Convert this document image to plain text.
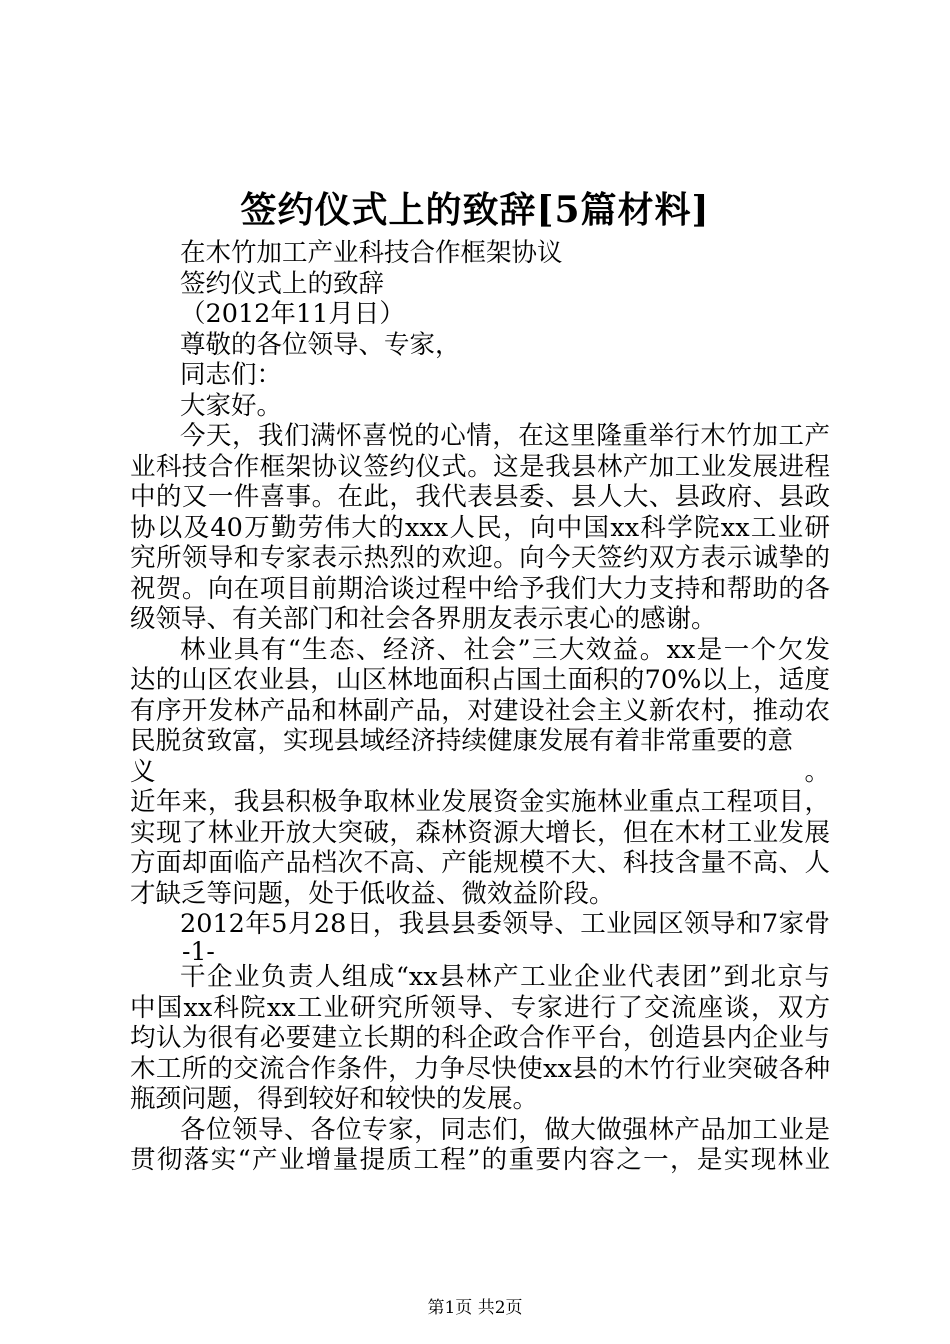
签约仪式上的致辞[5篇材料]

在木竹加工产业科技合作框架协议

签约仪式上的致辞

（2012年11月日）

尊敬的各位领导、专家，

同志们：

大家好。

今天，我们满怀喜悦的心情，在这里隆重举行木竹加工产

业科技合作框架协议签约仪式。这是我县林产加工业发展进程

中的又一件喜事。在此，我代表县委、县人大、县政府、县政

协以及40万勤劳伟大的xxx人民，向中国xx科学院xx工业研

究所领导和专家表示热烈的欢迎。向今天签约双方表示诚挚的

祝贺。向在项目前期洽谈过程中给予我们大力支持和帮助的各

级领导、有关部门和社会各界朋友表示衷心的感谢。

林业具有“生态、经济、社会”三大效益。xx是一个欠发

达的山区农业县，山区林地面积占国土面积的70%以上，适度

有序开发林产品和林副产品，对建设社会主义新农村，推动农

民脱贫致富，实现县域经济持续健康发展有着非常重要的意义。

近年来，我县积极争取林业发展资金实施林业重点工程项目，

实现了林业开放大突破，森林资源大增长，但在木材工业发展

方面却面临产品档次不高、产能规模不大、科技含量不高、人

才缺乏等问题，处于低收益、微效益阶段。

2012年5月28日，我县县委领导、工业园区领导和7家骨

-1-

干企业负责人组成“xx县林产工业企业代表团”到北京与

中国xx科院xx工业研究所领导、专家进行了交流座谈，双方

均认为很有必要建立长期的科企政合作平台，创造县内企业与

木工所的交流合作条件，力争尽快使xx县的木竹行业突破各种

瓶颈问题，得到较好和较快的发展。

各位领导、各位专家，同志们，做大做强林产品加工业是

贯彻落实“产业增量提质工程”的重要内容之一，是实现林业

第1页 共2页
